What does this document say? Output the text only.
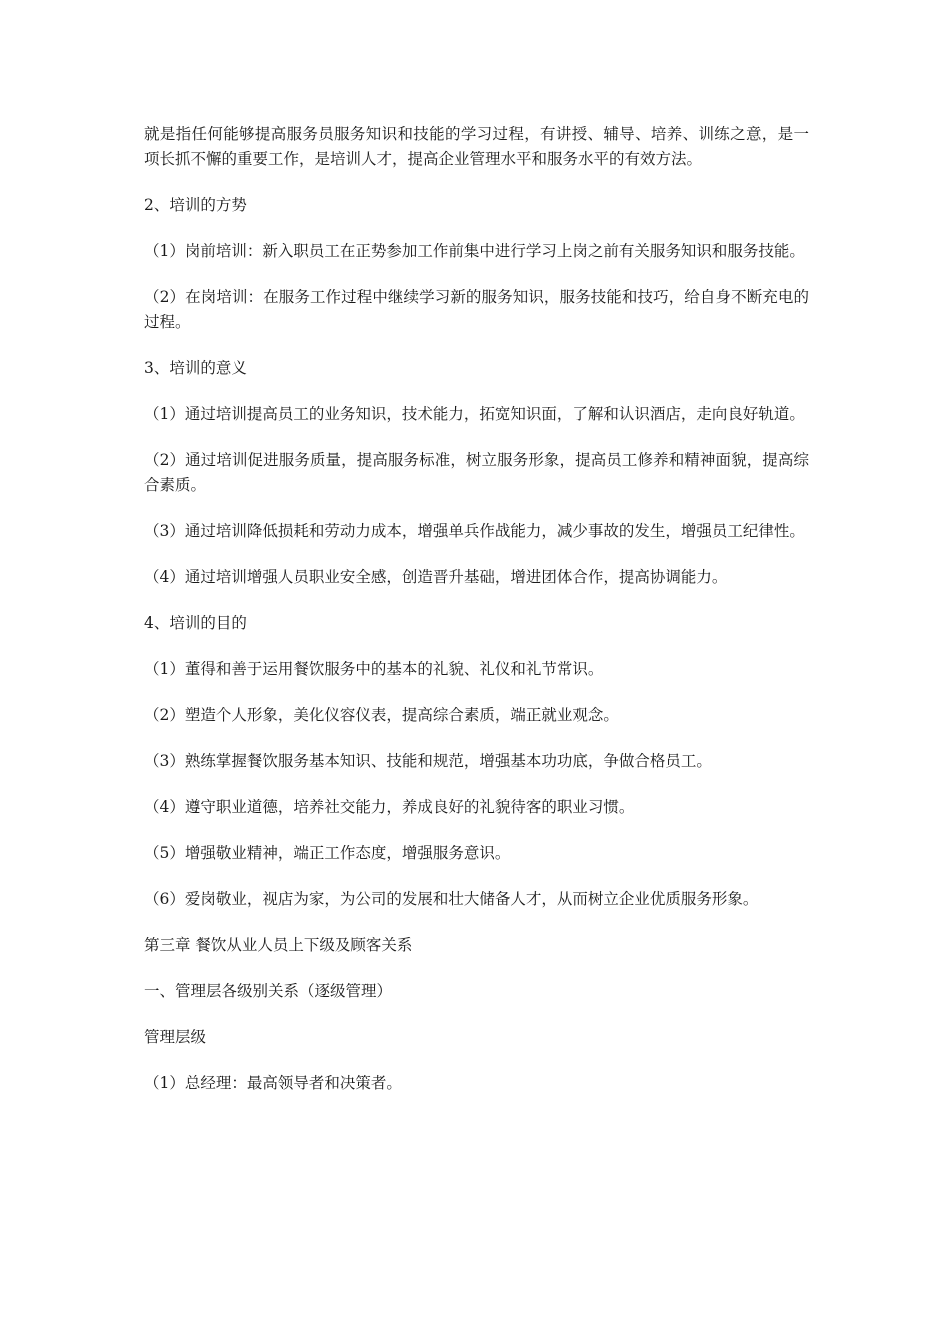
就是指任何能够提高服务员服务知识和技能的学习过程，有讲授、辅导、培养、训练之意，是一项长抓不懈的重要工作，是培训人才，提高企业管理水平和服务水平的有效方法。

2、培训的方势

（1）岗前培训：新入职员工在正势参加工作前集中进行学习上岗之前有关服务知识和服务技能。

（2）在岗培训：在服务工作过程中继续学习新的服务知识，服务技能和技巧，给自身不断充电的过程。

3、培训的意义

（1）通过培训提高员工的业务知识，技术能力，拓宽知识面，了解和认识酒店，走向良好轨道。

（2）通过培训促进服务质量，提高服务标准，树立服务形象，提高员工修养和精神面貌，提高综合素质。

（3）通过培训降低损耗和劳动力成本，增强单兵作战能力，减少事故的发生，增强员工纪律性。

（4）通过培训增强人员职业安全感，创造晋升基础，增进团体合作，提高协调能力。

4、培训的目的

（1）董得和善于运用餐饮服务中的基本的礼貌、礼仪和礼节常识。

（2）塑造个人形象，美化仪容仪表，提高综合素质，端正就业观念。

（3）熟练掌握餐饮服务基本知识、技能和规范，增强基本功功底，争做合格员工。

（4）遵守职业道德，培养社交能力，养成良好的礼貌待客的职业习惯。

（5）增强敬业精神，端正工作态度，增强服务意识。

（6）爱岗敬业，视店为家，为公司的发展和壮大储备人才，从而树立企业优质服务形象。

第三章 餐饮从业人员上下级及顾客关系

一、管理层各级别关系（逐级管理）

管理层级

（1）总经理：最高领导者和决策者。
